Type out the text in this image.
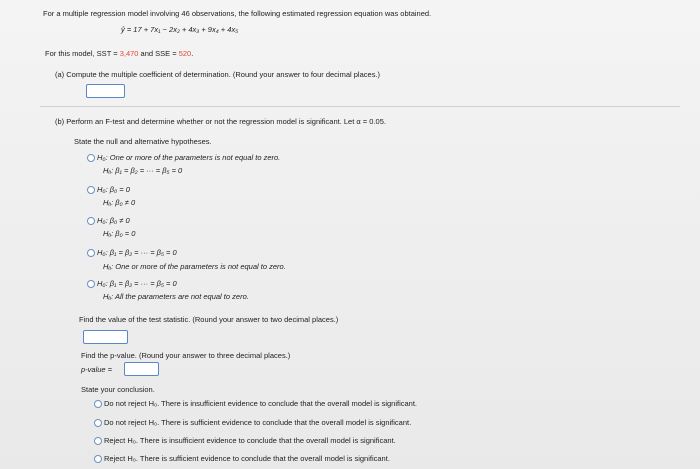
For a multiple regression model involving 46 observations, the following estimated regression equation was obtained.
ŷ = 17 + 7x₁ − 2x₂ + 4x₃ + 9x₄ + 4x₅
For this model, SST = 3,470 and SSE = 520.
(a) Compute the multiple coefficient of determination. (Round your answer to four decimal places.)
(b) Perform an F-test and determine whether or not the regression model is significant. Let α = 0.05.
State the null and alternative hypotheses.
H₀: One or more of the parameters is not equal to zero.
Hₐ: β₁ = β₂ = ··· = β₅ = 0
H₀: β₀ = 0
Hₐ: β₀ ≠ 0
H₀: β₀ ≠ 0
Hₐ: β₀ = 0
H₀: β₁ = β₂ = ··· = β₅ = 0
Hₐ: One or more of the parameters is not equal to zero.
H₀: β₁ = β₂ = ··· = β₅ = 0
Hₐ: All the parameters are not equal to zero.
Find the value of the test statistic. (Round your answer to two decimal places.)
Find the p-value. (Round your answer to three decimal places.)
p-value =
State your conclusion.
Do not reject H₀. There is insufficient evidence to conclude that the overall model is significant.
Do not reject H₀. There is sufficient evidence to conclude that the overall model is significant.
Reject H₀. There is insufficient evidence to conclude that the overall model is significant.
Reject H₀. There is sufficient evidence to conclude that the overall model is significant.
